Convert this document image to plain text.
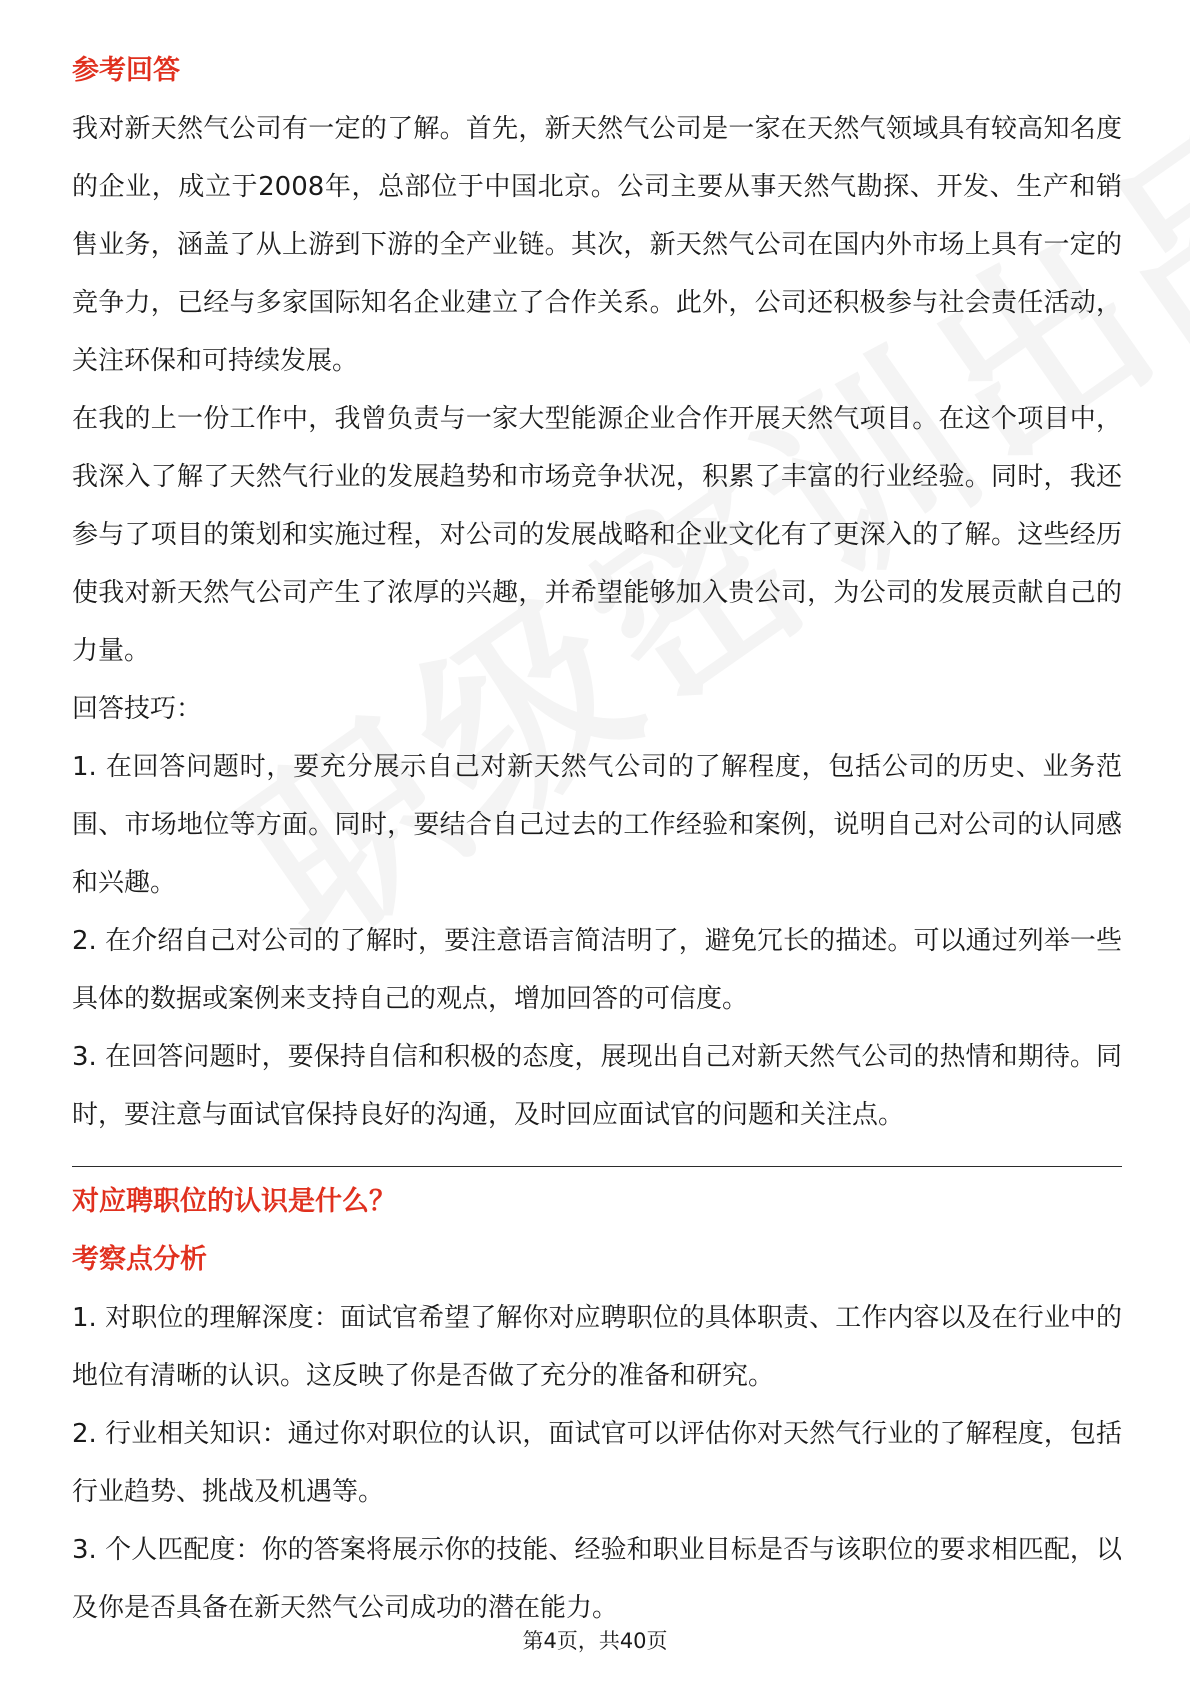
参考回答

我对新天然气公司有一定的了解。首先，新天然气公司是一家在天然气领域具有较高知名度的企业，成立于2008年，总部位于中国北京。公司主要从事天然气勘探、开发、生产和销售业务，涵盖了从上游到下游的全产业链。其次，新天然气公司在国内外市场上具有一定的竞争力，已经与多家国际知名企业建立了合作关系。此外，公司还积极参与社会责任活动，关注环保和可持续发展。

在我的上一份工作中，我曾负责与一家大型能源企业合作开展天然气项目。在这个项目中，我深入了解了天然气行业的发展趋势和市场竞争状况，积累了丰富的行业经验。同时，我还参与了项目的策划和实施过程，对公司的发展战略和企业文化有了更深入的了解。这些经历使我对新天然气公司产生了浓厚的兴趣，并希望能够加入贵公司，为公司的发展贡献自己的力量。

回答技巧：

1. 在回答问题时，要充分展示自己对新天然气公司的了解程度，包括公司的历史、业务范围、市场地位等方面。同时，要结合自己过去的工作经验和案例，说明自己对公司的认同感和兴趣。

2. 在介绍自己对公司的了解时，要注意语言简洁明了，避免冗长的描述。可以通过列举一些具体的数据或案例来支持自己的观点，增加回答的可信度。

3. 在回答问题时，要保持自信和积极的态度，展现出自己对新天然气公司的热情和期待。同时，要注意与面试官保持良好的沟通，及时回应面试官的问题和关注点。

对应聘职位的认识是什么？

考察点分析

1. 对职位的理解深度：面试官希望了解你对应聘职位的具体职责、工作内容以及在行业中的地位有清晰的认识。这反映了你是否做了充分的准备和研究。

2. 行业相关知识：通过你对职位的认识，面试官可以评估你对天然气行业的了解程度，包括行业趋势、挑战及机遇等。

3. 个人匹配度：你的答案将展示你的技能、经验和职业目标是否与该职位的要求相匹配，以及你是否具备在新天然气公司成功的潜在能力。

第4页，共40页
